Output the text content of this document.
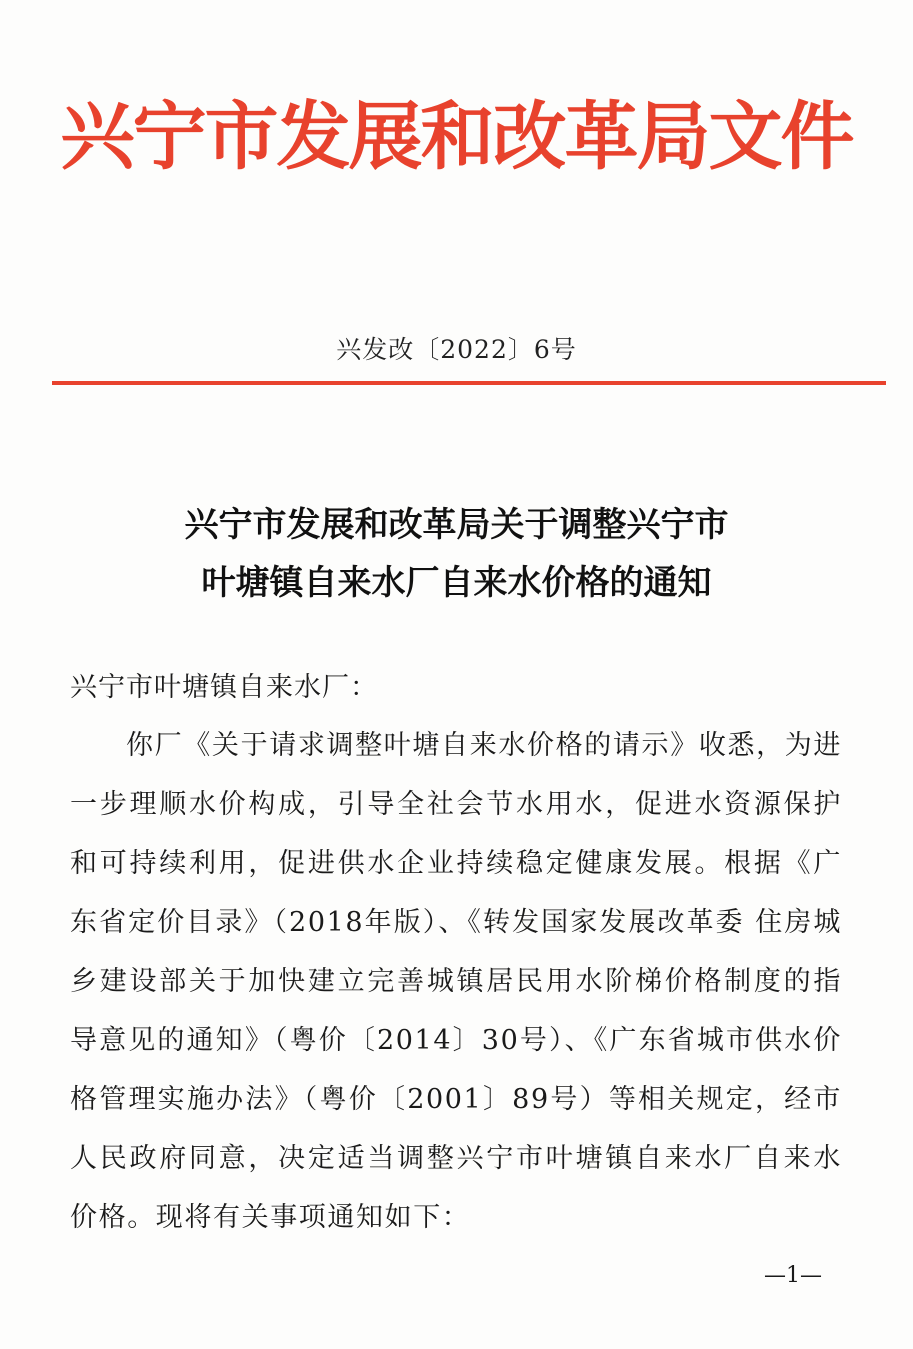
兴宁市发展和改革局文件
兴发改〔2022〕6号
兴宁市发展和改革局关于调整兴宁市
叶塘镇自来水厂自来水价格的通知
兴宁市叶塘镇自来水厂：
你厂《关于请求调整叶塘自来水价格的请示》收悉，为进一步理顺水价构成，引导全社会节水用水，促进水资源保护和可持续利用，促进供水企业持续稳定健康发展。根据《广东省定价目录》（2018年版）、《转发国家发展改革委 住房城乡建设部关于加快建立完善城镇居民用水阶梯价格制度的指导意见的通知》（粤价〔2014〕30号）、《广东省城市供水价格管理实施办法》（粤价〔2001〕89号）等相关规定，经市人民政府同意，决定适当调整兴宁市叶塘镇自来水厂自来水价格。现将有关事项通知如下：
—1—
